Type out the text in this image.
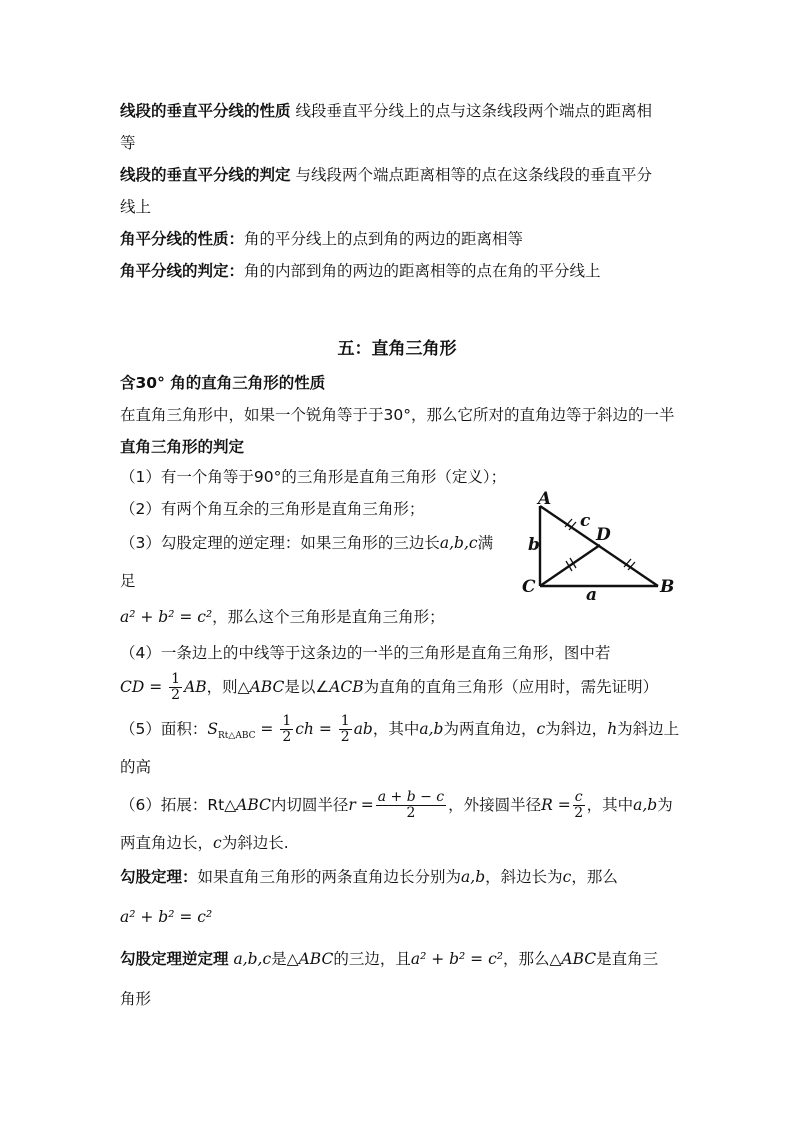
线段的垂直平分线的性质 线段垂直平分线上的点与这条线段两个端点的距离相
等
线段的垂直平分线的判定 与线段两个端点距离相等的点在这条线段的垂直平分
线上
角平分线的性质：角的平分线上的点到角的两边的距离相等
角平分线的判定：角的内部到角的两边的距离相等的点在角的平分线上
五：直角三角形
含30° 角的直角三角形的性质
在直角三角形中，如果一个锐角等于于30°，那么它所对的直角边等于斜边的一半
直角三角形的判定
（1）有一个角等于90°的三角形是直角三角形（定义）；
（2）有两个角互余的三角形是直角三角形；
（3）勾股定理的逆定理：如果三角形的三边长a,b,c满
足
a² + b² = c²，那么这个三角形是直角三角形；
（4）一条边上的中线等于这条边的一半的三角形是直角三角形，图中若
CD = $\frac{1}{2}$ AB，则△ABC是以∠ACB为直角的直角三角形（应用时，需先证明）
（5）面积：$S_{Rt\triangle ABC} = \frac{1}{2}$ ch = $\frac{1}{2}$ ab，其中a,b为两直角边，c为斜边，h为斜边上
的高
（6）拓展：Rt△ABC内切圆半径$r = \frac{a + b - c}{2}$ ，外接圆半径$R = \frac{c}{2}$ ，其中a,b为
两直角边长，c为斜边长.
勾股定理：如果直角三角形的两条直角边长分别为a,b，斜边长为c，那么
a² + b² = c²
勾股定理逆定理 a,b,c是△ABC的三边，且a² + b² = c²，那么△ABC是直角三
角形
A
B
C
D
a
b
c
